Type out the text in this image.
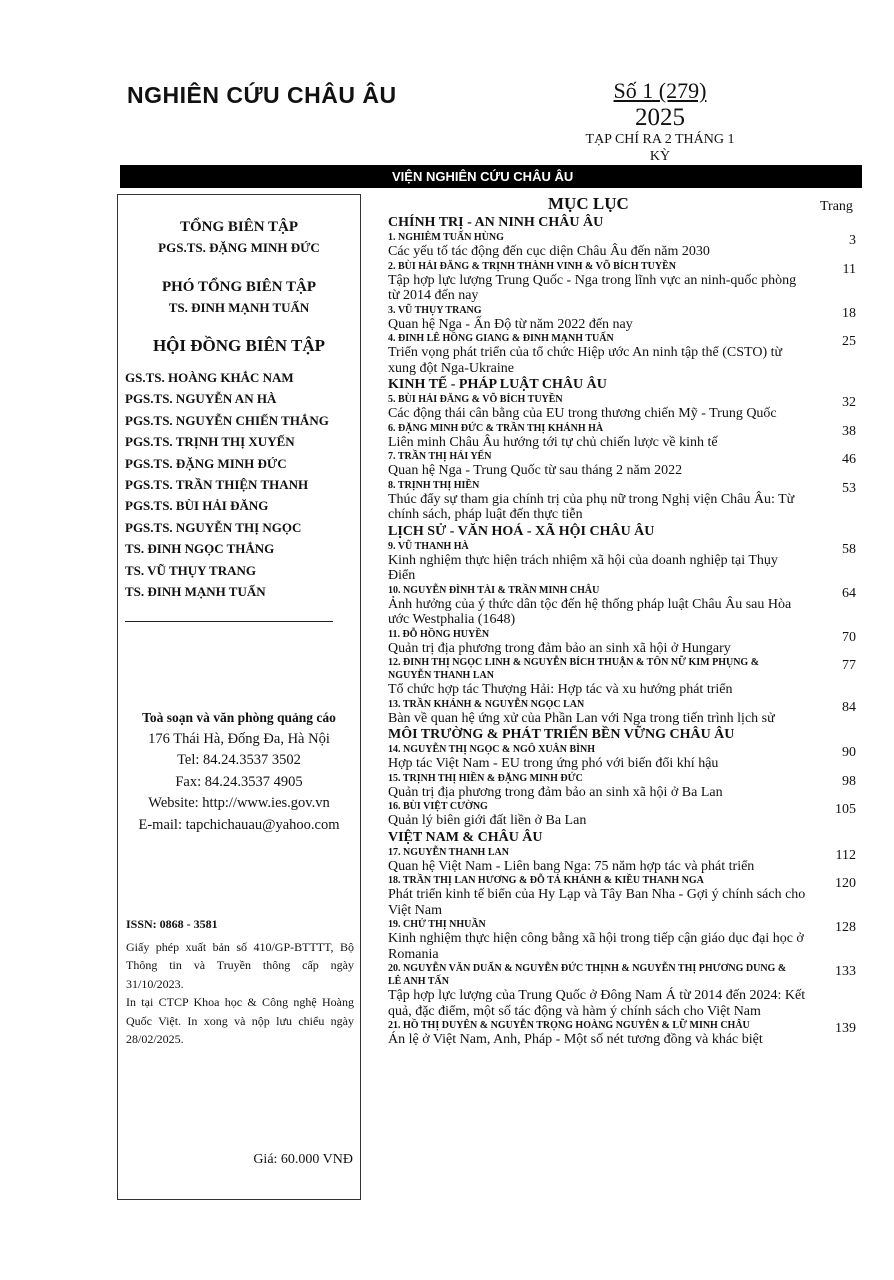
NGHIÊN CỨU CHÂU ÂU	Số 1 (279)
2025
TẠP CHÍ RA 2 THÁNG 1 KỲ
VIỆN NGHIÊN CỨU CHÂU ÂU
TỔNG BIÊN TẬP
PGS.TS. ĐẶNG MINH ĐỨC
PHÓ TỔNG BIÊN TẬP
TS. ĐINH MẠNH TUẤN
HỘI ĐỒNG BIÊN TẬP
GS.TS. HOÀNG KHẮC NAM
PGS.TS. NGUYỄN AN HÀ
PGS.TS. NGUYỄN CHIẾN THẮNG
PGS.TS. TRỊNH THỊ XUYẾN
PGS.TS. ĐẶNG MINH ĐỨC
PGS.TS. TRẦN THIỆN THANH
PGS.TS. BÙI HẢI ĐĂNG
PGS.TS. NGUYỄN THỊ NGỌC
TS. ĐINH NGỌC THẮNG
TS. VŨ THỤY TRANG
TS. ĐINH MẠNH TUẤN
Toà soạn và văn phòng quảng cáo
176 Thái Hà, Đống Đa, Hà Nội
Tel: 84.24.3537 3502
Fax: 84.24.3537 4905
Website: http://www.ies.gov.vn
E-mail: tapchichauau@yahoo.com
ISSN: 0868 - 3581

Giấy phép xuất bản số 410/GP-BTTTT, Bộ Thông tin và Truyền thông cấp ngày 31/10/2023.

In tại CTCP Khoa học & Công nghệ Hoàng Quốc Việt. In xong và nộp lưu chiểu ngày 28/02/2025.

Giá: 60.000 VNĐ
MỤC LỤC	Trang
CHÍNH TRỊ - AN NINH CHÂU ÂU
1. NGHIÊM TUẤN HÙNG
Các yếu tố tác động đến cục diện Châu Âu đến năm 2030
3
2. BÙI HẢI ĐĂNG & TRỊNH THÀNH VINH & VÕ BÍCH TUYỀN
Tập hợp lực lượng Trung Quốc - Nga trong lĩnh vực an ninh-quốc phòng từ 2014 đến nay
11
3. VŨ THỤY TRANG
Quan hệ Nga - Ấn Độ từ năm 2022 đến nay
18
4. ĐINH LÊ HỒNG GIANG & ĐINH MẠNH TUẤN
Triển vọng phát triển của tổ chức Hiệp ước An ninh tập thể (CSTO) từ xung đột Nga-Ukraine
25
KINH TẾ - PHÁP LUẬT CHÂU ÂU
5. BÙI HẢI ĐĂNG & VÕ BÍCH TUYỀN
Các động thái cân bằng của EU trong thương chiến Mỹ - Trung Quốc
32
6. ĐẶNG MINH ĐỨC & TRẦN THỊ KHÁNH HÀ
Liên minh Châu Âu hướng tới tự chủ chiến lược về kinh tế
38
7. TRẦN THỊ HẢI YẾN
Quan hệ Nga - Trung Quốc từ sau tháng 2 năm 2022
46
8. TRỊNH THỊ HIỀN
Thúc đẩy sự tham gia chính trị của phụ nữ trong Nghị viện Châu Âu: Từ chính sách, pháp luật đến thực tiễn
53
LỊCH SỬ - VĂN HOÁ - XÃ HỘI CHÂU ÂU
9. VŨ THANH HÀ
Kinh nghiệm thực hiện trách nhiệm xã hội của doanh nghiệp tại Thụy Điển
58
10. NGUYỄN ĐÌNH TÀI & TRẦN MINH CHÂU
Ảnh hưởng của ý thức dân tộc đến hệ thống pháp luật Châu Âu sau Hòa ước Westphalia (1648)
64
11. ĐỖ HỒNG HUYỀN
Quản trị địa phương trong đảm bảo an sinh xã hội ở Hungary
70
12. ĐINH THỊ NGỌC LINH & NGUYỄN BÍCH THUẬN & TÔN NỮ KIM PHỤNG & NGUYỄN THANH LAN
Tổ chức hợp tác Thượng Hải: Hợp tác và xu hướng phát triển
77
13. TRẦN KHÁNH & NGUYỄN NGỌC LAN
Bàn về quan hệ ứng xử của Phần Lan với Nga trong tiến trình lịch sử
84
MÔI TRƯỜNG & PHÁT TRIỂN BỀN VỮNG CHÂU ÂU
14. NGUYỄN THỊ NGỌC & NGÔ XUÂN BÌNH
Hợp tác Việt Nam - EU trong ứng phó với biến đổi khí hậu
90
15. TRỊNH THỊ HIỀN & ĐẶNG MINH ĐỨC
Quản trị địa phương trong đảm bảo an sinh xã hội ở Ba Lan
98
16. BÙI VIỆT CƯỜNG
Quản lý biên giới đất liền ở Ba Lan
105
VIỆT NAM & CHÂU ÂU
17. NGUYỄN THANH LAN
Quan hệ Việt Nam - Liên bang Nga: 75 năm hợp tác và phát triển
112
18. TRẦN THỊ LAN HƯƠNG & ĐỖ TÁ KHÁNH & KIỀU THANH NGA
Phát triển kinh tế biển của Hy Lạp và Tây Ban Nha - Gợi ý chính sách cho Việt Nam
120
19. CHỬ THỊ NHUẦN
Kinh nghiệm thực hiện công bằng xã hội trong tiếp cận giáo dục đại học ở Romania
128
20. NGUYỄN VĂN DUẨN & NGUYỄN ĐỨC THỊNH & NGUYỄN THỊ PHƯƠNG DUNG & LÊ ANH TẤN
Tập hợp lực lượng của Trung Quốc ở Đông Nam Á từ 2014 đến 2024: Kết quả, đặc điểm, một số tác động và hàm ý chính sách cho Việt Nam
133
21. HỒ THỊ DUYÊN & NGUYỄN TRỌNG HOÀNG NGUYÊN & LỮ MINH CHÂU
Án lệ ở Việt Nam, Anh, Pháp - Một số nét tương đồng và khác biệt
139
